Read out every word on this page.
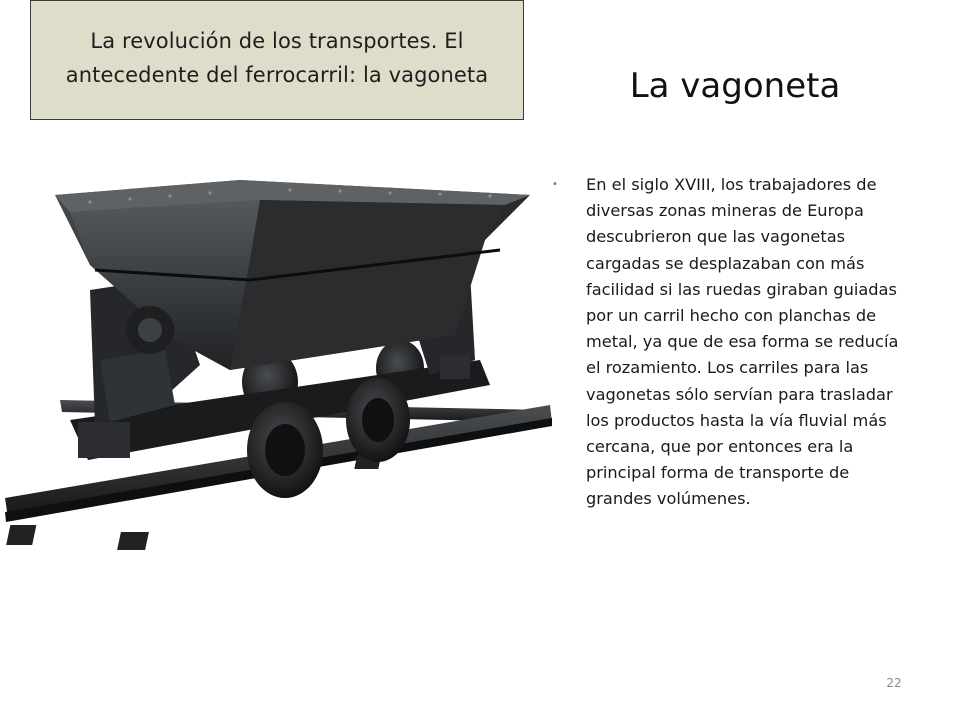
La revolución de los transportes. El antecedente del ferrocarril: la vagoneta	La vagoneta
• En el siglo XVIII, los trabajadores de diversas zonas mineras de Europa descubrieron que las vagonetas cargadas se desplazaban con más facilidad si las ruedas giraban guiadas por un carril hecho con planchas de metal, ya que de esa forma se reducía el rozamiento. Los carriles para las vagonetas sólo servían para trasladar los productos hasta la vía fluvial más cercana, que por entonces era la principal forma de transporte de grandes volúmenes.
22
